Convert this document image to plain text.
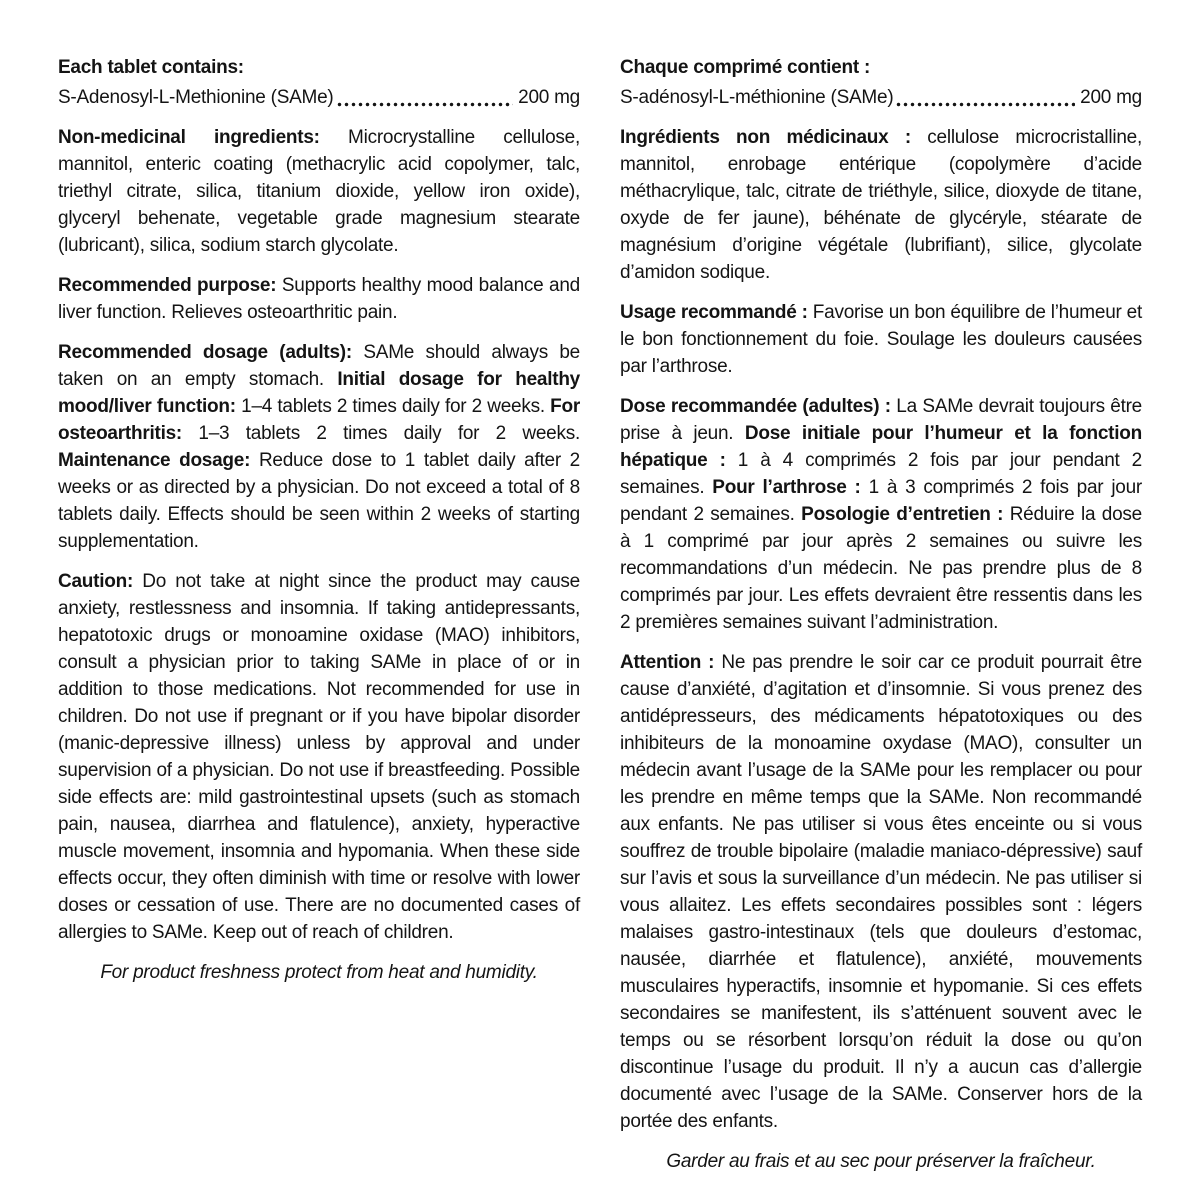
Each tablet contains:
S-Adenosyl-L-Methionine (SAMe)	200 mg

Non-medicinal ingredients: Microcrystalline cellulose, mannitol, enteric coating (methacrylic acid copolymer, talc, triethyl citrate, silica, titanium dioxide, yellow iron oxide), glyceryl behenate, vegetable grade magnesium stearate (lubricant), silica, sodium starch glycolate.

Recommended purpose: Supports healthy mood balance and liver function. Relieves osteoarthritic pain.

Recommended dosage (adults): SAMe should always be taken on an empty stomach. Initial dosage for healthy mood/liver function: 1–4 tablets 2 times daily for 2 weeks. For osteoarthritis: 1–3 tablets 2 times daily for 2 weeks. Maintenance dosage: Reduce dose to 1 tablet daily after 2 weeks or as directed by a physician. Do not exceed a total of 8 tablets daily. Effects should be seen within 2 weeks of starting supplementation.

Caution: Do not take at night since the product may cause anxiety, restlessness and insomnia. If taking antidepressants, hepatotoxic drugs or monoamine oxidase (MAO) inhibitors, consult a physician prior to taking SAMe in place of or in addition to those medications. Not recommended for use in children. Do not use if pregnant or if you have bipolar disorder (manic-depressive illness) unless by approval and under supervision of a physician. Do not use if breastfeeding. Possible side effects are: mild gastrointestinal upsets (such as stomach pain, nausea, diarrhea and flatulence), anxiety, hyperactive muscle movement, insomnia and hypomania. When these side effects occur, they often diminish with time or resolve with lower doses or cessation of use. There are no documented cases of allergies to SAMe. Keep out of reach of children.

For product freshness protect from heat and humidity.

Chaque comprimé contient :
S-adénosyl-L-méthionine (SAMe)	200 mg

Ingrédients non médicinaux : cellulose microcristalline, mannitol, enrobage entérique (copolymère d’acide méthacrylique, talc, citrate de triéthyle, silice, dioxyde de titane, oxyde de fer jaune), béhénate de glycéryle, stéarate de magnésium d’origine végétale (lubrifiant), silice, glycolate d’amidon sodique.

Usage recommandé : Favorise un bon équilibre de l’humeur et le bon fonctionnement du foie. Soulage les douleurs causées par l’arthrose.

Dose recommandée (adultes) : La SAMe devrait toujours être prise à jeun. Dose initiale pour l’humeur et la fonction hépatique : 1 à 4 comprimés 2 fois par jour pendant 2 semaines. Pour l’arthrose : 1 à 3 comprimés 2 fois par jour pendant 2 semaines. Posologie d’entretien : Réduire la dose à 1 comprimé par jour après 2 semaines ou suivre les recommandations d’un médecin. Ne pas prendre plus de 8 comprimés par jour. Les effets devraient être ressentis dans les 2 premières semaines suivant l’administration.

Attention : Ne pas prendre le soir car ce produit pourrait être cause d’anxiété, d’agitation et d’insomnie. Si vous prenez des antidépresseurs, des médicaments hépatotoxiques ou des inhibiteurs de la monoamine oxydase (MAO), consulter un médecin avant l’usage de la SAMe pour les remplacer ou pour les prendre en même temps que la SAMe. Non recommandé aux enfants. Ne pas utiliser si vous êtes enceinte ou si vous souffrez de trouble bipolaire (maladie maniaco-dépressive) sauf sur l’avis et sous la surveillance d’un médecin. Ne pas utiliser si vous allaitez. Les effets secondaires possibles sont : légers malaises gastro-intestinaux (tels que douleurs d’estomac, nausée, diarrhée et flatulence), anxiété, mouvements musculaires hyperactifs, insomnie et hypomanie. Si ces effets secondaires se manifestent, ils s’atténuent souvent avec le temps ou se résorbent lorsqu’on réduit la dose ou qu’on discontinue l’usage du produit. Il n’y a aucun cas d’allergie documenté avec l’usage de la SAMe. Conserver hors de la portée des enfants.

Garder au frais et au sec pour préserver la fraîcheur.
